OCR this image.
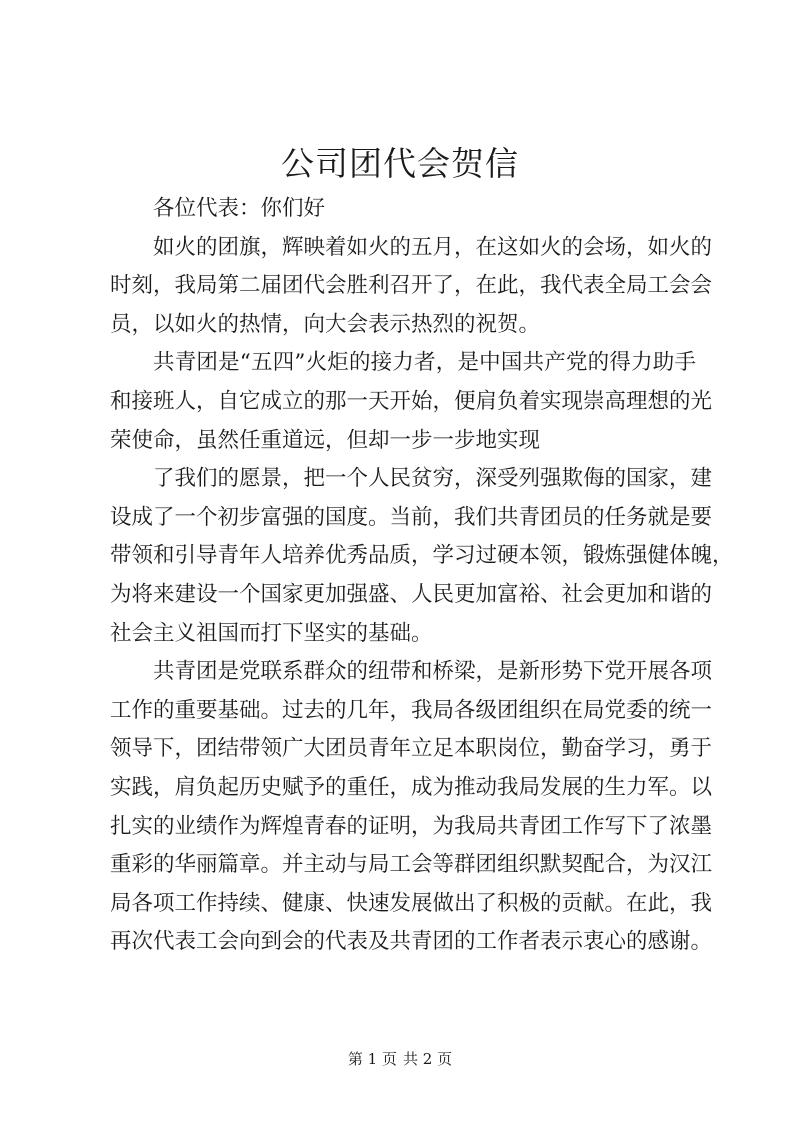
公司团代会贺信

各位代表：你们好

如火的团旗，辉映着如火的五月，在这如火的会场，如火的

时刻，我局第二届团代会胜利召开了，在此，我代表全局工会会

员，以如火的热情，向大会表示热烈的祝贺。

共青团是“五四”火炬的接力者，是中国共产党的得力助手

和接班人，自它成立的那一天开始，便肩负着实现崇高理想的光

荣使命，虽然任重道远，但却一步一步地实现

了我们的愿景，把一个人民贫穷，深受列强欺侮的国家，建

设成了一个初步富强的国度。当前，我们共青团员的任务就是要

带领和引导青年人培养优秀品质，学习过硬本领，锻炼强健体魄，

为将来建设一个国家更加强盛、人民更加富裕、社会更加和谐的

社会主义祖国而打下坚实的基础。

共青团是党联系群众的纽带和桥梁，是新形势下党开展各项

工作的重要基础。过去的几年，我局各级团组织在局党委的统一

领导下，团结带领广大团员青年立足本职岗位，勤奋学习，勇于

实践，肩负起历史赋予的重任，成为推动我局发展的生力军。以

扎实的业绩作为辉煌青春的证明，为我局共青团工作写下了浓墨

重彩的华丽篇章。并主动与局工会等群团组织默契配合，为汉江

局各项工作持续、健康、快速发展做出了积极的贡献。在此，我

再次代表工会向到会的代表及共青团的工作者表示衷心的感谢。

第 1 页 共 2 页
